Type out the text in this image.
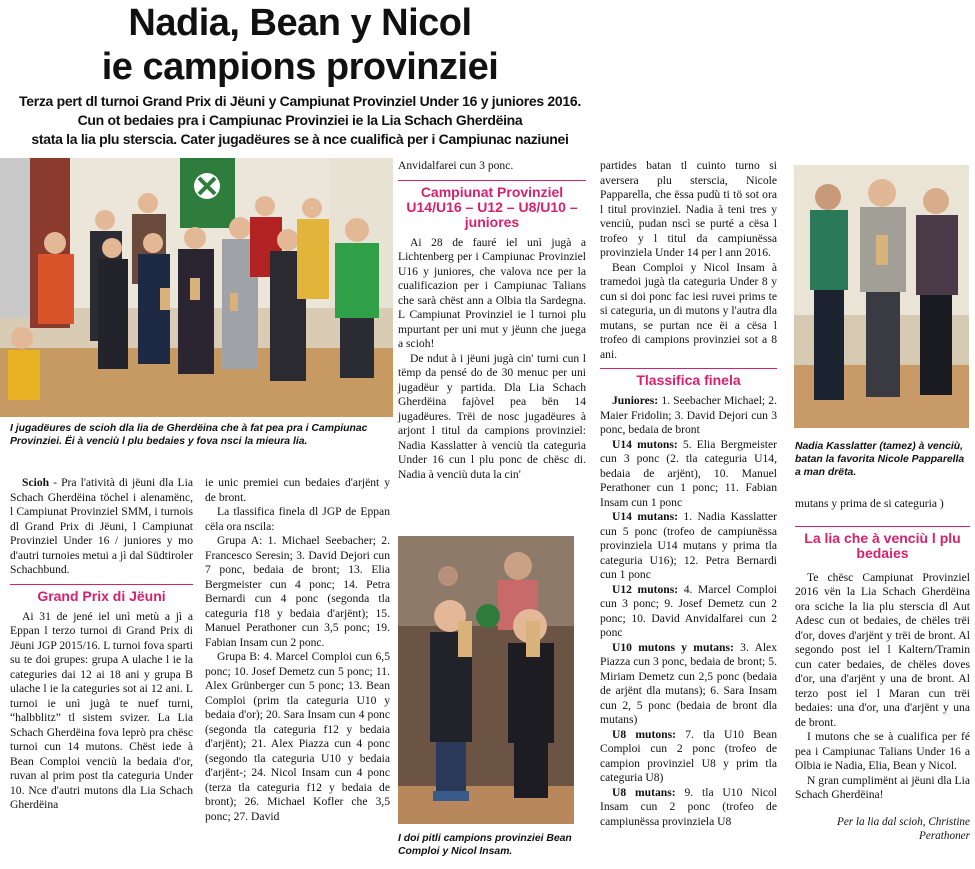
Nadia, Bean y Nicol
ie campions provinziei
Terza pert dl turnoi Grand Prix di Jëuni y Campiunat Provinziel Under 16 y juniores 2016.
Cun ot bedaies pra i Campiunac Provinziei ie la Lia Schach Gherdëina
stata la lia plu sterscia. Cater jugadëures se à nce cualificà per i Campiunac naziunei
I jugadëures de scioh dla lia de Gherdëina che à fat pea pra i Campiunac Provinziei. Ëi à venciù l plu bedaies y fova nsci la mieura lia.

Scioh - Pra l'atività di jëuni dla Lia Schach Gherdëina töchel i alenamënc, l Campiunat Provinziel SMM, i turnois dl Grand Prix di Jëuni, l Campiunat Provinziel Under 16 / juniores y mo d'autri turnoies metui a jì dal Südtiroler Schachbund.

Grand Prix di Jëuni

Ai 31 de jené iel unì metù a jì a Eppan l terzo turnoi di Grand Prix di Jëuni JGP 2015/16. L turnoi fova sparti su te doi grupes: grupa A ulache l ie la categuries dai 12 ai 18 ani y grupa B ulache l ie la categuries sot ai 12 ani. L turnoi ie unì jugà te nuef turni, “halbblitz” tl sistem svizer. La Lia Schach Gherdëina fova leprò pra chësc turnoi cun 14 mutons. Chëst iede à Bean Comploi venciù la bedaia d'or, ruvan al prim post tla categuria Under 10. Nce d'autri mutons dla Lia Schach Gherdëina

ie unic premiei cun bedaies d'arjënt y de bront.

La tlassifica finela dl JGP de Eppan cëla ora nscila:

Grupa A: 1. Michael Seebacher; 2. Francesco Seresin; 3. David Dejori cun 7 ponc, bedaia de bront; 13. Elia Bergmeister cun 4 ponc; 14. Petra Bernardi cun 4 ponc (segonda tla categuria f18 y bedaia d'arjënt); 15. Manuel Perathoner cun 3,5 ponc; 19. Fabian Insam cun 2 ponc.

Grupa B: 4. Marcel Comploi cun 6,5 ponc; 10. Josef Demetz cun 5 ponc; 11. Alex Grünberger cun 5 ponc; 13. Bean Comploi (prim tla categuria U10 y bedaia d'or); 20. Sara Insam cun 4 ponc (segonda tla categuria f12 y bedaia d'arjënt); 21. Alex Piazza cun 4 ponc (segondo tla categuria U10 y bedaia d'arjënt-; 24. Nicol Insam cun 4 ponc (terza tla categuria f12 y bedaia de bront); 26. Michael Kofler che 3,5 ponc; 27. David

Anvidalfarei cun 3 ponc.

Campiunat Provinziel U14/U16 – U12 – U8/U10 – juniores

Ai 28 de fauré iel unì jugà a Lichtenberg per i Campiunac Provinziel U16 y juniores, che valova nce per la cualificazion per i Campiunac Talians che sarà chëst ann a Olbia tla Sardegna. L Campiunat Provinziel ie l turnoi plu mpurtant per uni mut y jëunn che juega a scioh!

De ndut à i jëuni jugà cin' turni cun l tëmp da pensé do de 30 menuc per uni jugadëur y partida. Dla Lia Schach Gherdëina fajòvel pea bën 14 jugadëures. Trëi de nosc jugadëures à arjont l titul da campions provinziel: Nadia Kasslatter à venciù tla categuria Under 16 cun l plu ponc de chësc di. Nadia à venciù duta la cin'

I doi pitli campions provinziei Bean Comploi y Nicol Insam.

partides batan tl cuinto turno si aversera plu sterscia, Nicole Papparella, che ëssa pudù ti tö sot ora l titul provinziel. Nadia à teni tres y venciù, pudan nscì se purté a cësa l trofeo y l titul da campiunëssa provinziela Under 14 per l ann 2016.

Bean Comploi y Nicol Insam à tramedoi jugà tla categuria Under 8 y cun si doi ponc fac iesi ruvei prims te si categuria, un di mutons y l'autra dla mutans, se purtan nce ëi a cësa l trofeo di campions provinziei sot a 8 ani.

Tlassifica finela

Juniores: 1. Seebacher Michael; 2. Maier Fridolin; 3. David Dejori cun 3 ponc, bedaia de bront

U14 mutons: 5. Elia Bergmeister cun 3 ponc (2. tla categuria U14, bedaia de arjënt), 10. Manuel Perathoner cun 1 ponc; 11. Fabian Insam cun 1 ponc

U14 mutans: 1. Nadia Kasslatter cun 5 ponc (trofeo de campiunëssa provinziela U14 mutans y prima tla categuria U16); 12. Petra Bernardi cun 1 ponc

U12 mutons: 4. Marcel Comploi cun 3 ponc; 9. Josef Demetz cun 2 ponc; 10. David Anvidalfarei cun 2 ponc

U10 mutons y mutans: 3. Alex Piazza cun 3 ponc, bedaia de bront; 5. Miriam Demetz cun 2,5 ponc (bedaia de arjënt dla mutans); 6. Sara Insam cun 2, 5 ponc (bedaia de bront dla mutans)

U8 mutons: 7. tla U10 Bean Comploi cun 2 ponc (trofeo de campion provinziel U8 y prim tla categuria U8)

U8 mutans: 9. tla U10 Nicol Insam cun 2 ponc (trofeo de campiunëssa provinziela U8

Nadia Kasslatter (tamez) à venciù, batan la favorita Nicole Papparella a man drëta.

mutans y prima de si categuria )

La lia che à venciù l plu bedaies

Te chësc Campiunat Provinziel 2016 vën la Lia Schach Gherdëina ora sciche la lia plu sterscia dl Aut Adesc cun ot bedaies, de chëles trëi d'or, doves d'arjënt y trëi de bront. Al segondo post iel l Kaltern/Tramin cun cater bedaies, de chëles doves d'or, una d'arjënt y una de bront. Al terzo post iel l Maran cun trëi bedaies: una d'or, una d'arjënt y una de bront.

I mutons che se à cualifica per fé pea i Campiunac Talians Under 16 a Olbia ie Nadia, Elia, Bean y Nicol.

N gran cumplimënt ai jëuni dla Lia Schach Gherdëina!

Per la lia dal scioh, Christine
Perathoner
